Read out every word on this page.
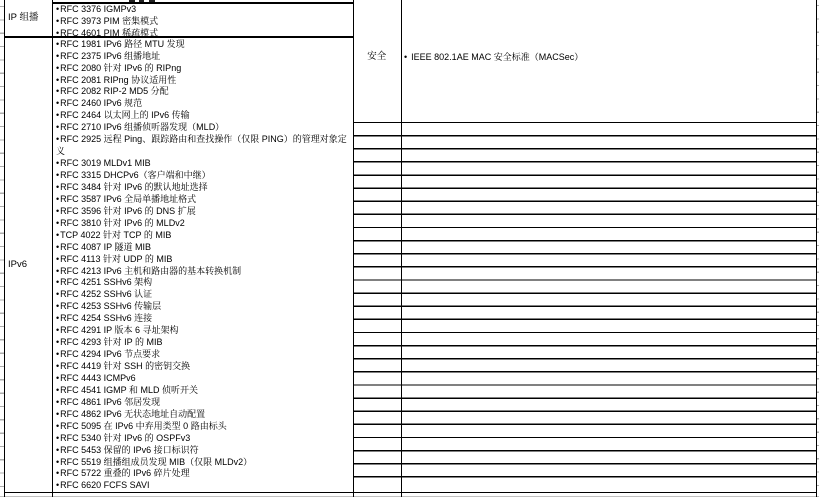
IP 组播
IPv6
安全
•RFC 3376 IGMPv3
•RFC 3973 PIM 密集模式
•RFC 4601 PIM 稀疏模式
•RFC 1981 IPv6 路径 MTU 发现
•RFC 2375 IPv6 组播地址
•RFC 2080 针对 IPv6 的 RIPng
•RFC 2081 RIPng 协议适用性
•RFC 2082 RIP-2 MD5 分配
•RFC 2460 IPv6 规范
•RFC 2464 以太网上的 IPv6 传输
•RFC 2710 IPv6 组播侦听器发现（MLD）
•RFC 2925 远程 Ping、跟踪路由和查找操作（仅限 PING）的管理对象定义
•RFC 3019 MLDv1 MIB
•RFC 3315 DHCPv6（客户端和中继）
•RFC 3484 针对 IPv6 的默认地址选择
•RFC 3587 IPv6 全局单播地址格式
•RFC 3596 针对 IPv6 的 DNS 扩展
•RFC 3810 针对 IPv6 的 MLDv2
•TCP 4022 针对 TCP 的 MIB
•RFC 4087 IP 隧道 MIB
•RFC 4113 针对 UDP 的 MIB
•RFC 4213 IPv6 主机和路由器的基本转换机制
•RFC 4251 SSHv6 架构
•RFC 4252 SSHv6 认证
•RFC 4253 SSHv6 传输层
•RFC 4254 SSHv6 连接
•RFC 4291 IP 版本 6 寻址架构
•RFC 4293 针对 IP 的 MIB
•RFC 4294 IPv6 节点要求
•RFC 4419 针对 SSH 的密钥交换
•RFC 4443 ICMPv6
•RFC 4541 IGMP 和 MLD 侦听开关
•RFC 4861 IPv6 邻居发现
•RFC 4862 IPv6 无状态地址自动配置
•RFC 5095 在 IPv6 中弃用类型 0 路由标头
•RFC 5340 针对 IPv6 的 OSPFv3
•RFC 5453 保留的 IPv6 接口标识符
•RFC 5519 组播组成员发现 MIB（仅限 MLDv2）
•RFC 5722 重叠的 IPv6 碎片处理
•RFC 6620 FCFS SAVI
• IEEE 802.1AE MAC 安全标准（MACSec）
